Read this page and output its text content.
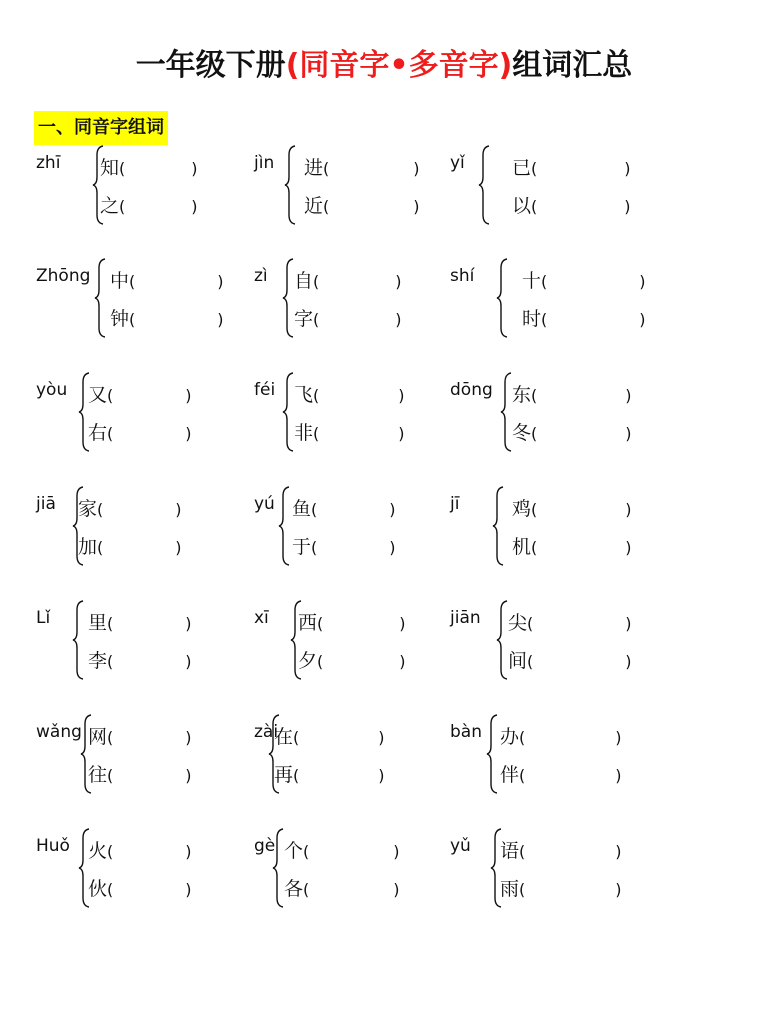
一年级下册(同音字•多音字)组词汇总
一、同音字组词
zhī 知(	)
之(	)
jìn 进(	)
近(	)
yǐ 已(	)
以(	)
Zhōng 中(	)
钟(	)
zì 自(	)
字(	)
shí	十(	)
时(	)
yòu 又(	)
右(	)
féi 飞(	)
非(	)
dōng 东(	)
冬(	)
jiā 家(	)
加(	)
yú 鱼(	)
于(	)
jī	鸡(	)
机(	)
Lǐ 里(	)
李(	)
xī 西(	)
夕(	)
jiān 尖(	)
间(	)
wǎng 网(	)
往(	)
zài
在(	)
再(	)
bàn 办(	)
伴(	)
Huǒ 火(	)
伙(	)
gè 个(	)
各(	)
yǔ 语(	)
雨(	)
